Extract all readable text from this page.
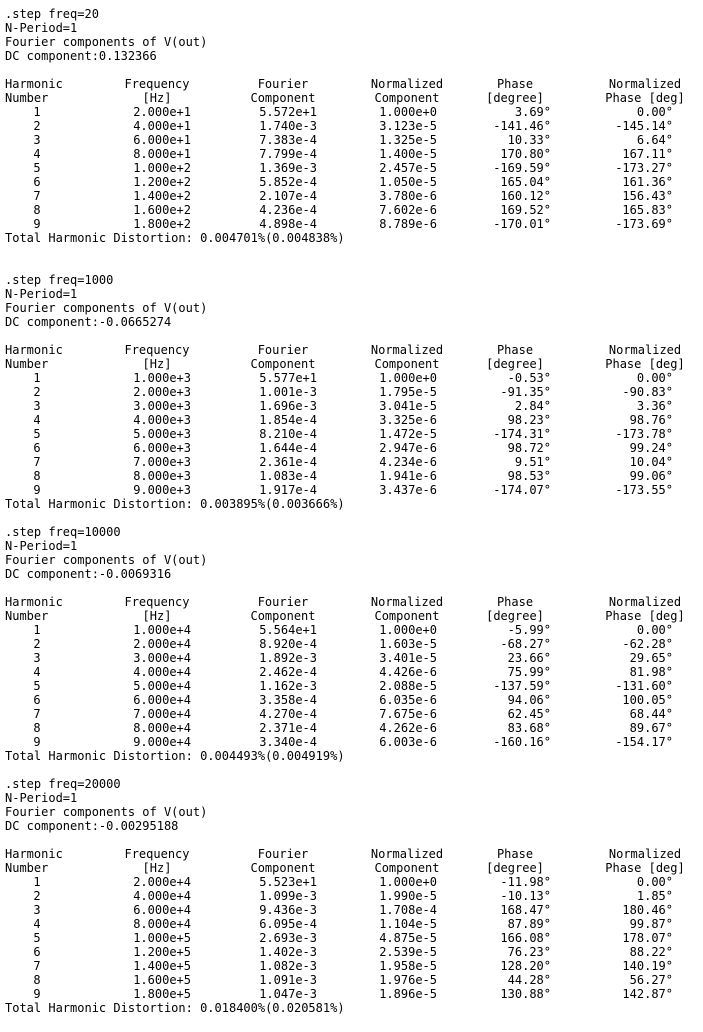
.step freq=20
N-Period=1
Fourier components of V(out)
DC component:0.132366
Harmonic	Frequency	Fourier	Normalized	Phase	Normalized
Number	[Hz]	Component	Component	[degree]	Phase [deg]
1	2.000e+1	5.572e+1	1.000e+0	3.69°	0.00°
2	4.000e+1	1.740e-3	3.123e-5	-141.46°	-145.14°
3	6.000e+1	7.383e-4	1.325e-5	10.33°	6.64°
4	8.000e+1	7.799e-4	1.400e-5	170.80°	167.11°
5	1.000e+2	1.369e-3	2.457e-5	-169.59°	-173.27°
6	1.200e+2	5.852e-4	1.050e-5	165.04°	161.36°
7	1.400e+2	2.107e-4	3.780e-6	160.12°	156.43°
8	1.600e+2	4.236e-4	7.602e-6	169.52°	165.83°
9	1.800e+2	4.898e-4	8.789e-6	-170.01°	-173.69°
Total Harmonic Distortion: 0.004701%(0.004838%)
.step freq=1000
N-Period=1
Fourier components of V(out)
DC component:-0.0665274
Harmonic	Frequency	Fourier	Normalized	Phase	Normalized
Number	[Hz]	Component	Component	[degree]	Phase [deg]
1	1.000e+3	5.577e+1	1.000e+0	-0.53°	0.00°
2	2.000e+3	1.001e-3	1.795e-5	-91.35°	-90.83°
3	3.000e+3	1.696e-3	3.041e-5	2.84°	3.36°
4	4.000e+3	1.854e-4	3.325e-6	98.23°	98.76°
5	5.000e+3	8.210e-4	1.472e-5	-174.31°	-173.78°
6	6.000e+3	1.644e-4	2.947e-6	98.72°	99.24°
7	7.000e+3	2.361e-4	4.234e-6	9.51°	10.04°
8	8.000e+3	1.083e-4	1.941e-6	98.53°	99.06°
9	9.000e+3	1.917e-4	3.437e-6	-174.07°	-173.55°
Total Harmonic Distortion: 0.003895%(0.003666%)
.step freq=10000
N-Period=1
Fourier components of V(out)
DC component:-0.0069316
Harmonic	Frequency	Fourier	Normalized	Phase	Normalized
Number	[Hz]	Component	Component	[degree]	Phase [deg]
1	1.000e+4	5.564e+1	1.000e+0	-5.99°	0.00°
2	2.000e+4	8.920e-4	1.603e-5	-68.27°	-62.28°
3	3.000e+4	1.892e-3	3.401e-5	23.66°	29.65°
4	4.000e+4	2.462e-4	4.426e-6	75.99°	81.98°
5	5.000e+4	1.162e-3	2.088e-5	-137.59°	-131.60°
6	6.000e+4	3.358e-4	6.035e-6	94.06°	100.05°
7	7.000e+4	4.270e-4	7.675e-6	62.45°	68.44°
8	8.000e+4	2.371e-4	4.262e-6	83.68°	89.67°
9	9.000e+4	3.340e-4	6.003e-6	-160.16°	-154.17°
Total Harmonic Distortion: 0.004493%(0.004919%)
.step freq=20000
N-Period=1
Fourier components of V(out)
DC component:-0.00295188
Harmonic	Frequency	Fourier	Normalized	Phase	Normalized
Number	[Hz]	Component	Component	[degree]	Phase [deg]
1	2.000e+4	5.523e+1	1.000e+0	-11.98°	0.00°
2	4.000e+4	1.099e-3	1.990e-5	-10.13°	1.85°
3	6.000e+4	9.436e-3	1.708e-4	168.47°	180.46°
4	8.000e+4	6.095e-4	1.104e-5	87.89°	99.87°
5	1.000e+5	2.693e-3	4.875e-5	166.08°	178.07°
6	1.200e+5	1.402e-3	2.539e-5	76.23°	88.22°
7	1.400e+5	1.082e-3	1.958e-5	128.20°	140.19°
8	1.600e+5	1.091e-3	1.976e-5	44.28°	56.27°
9	1.800e+5	1.047e-3	1.896e-5	130.88°	142.87°
Total Harmonic Distortion: 0.018400%(0.020581%)
